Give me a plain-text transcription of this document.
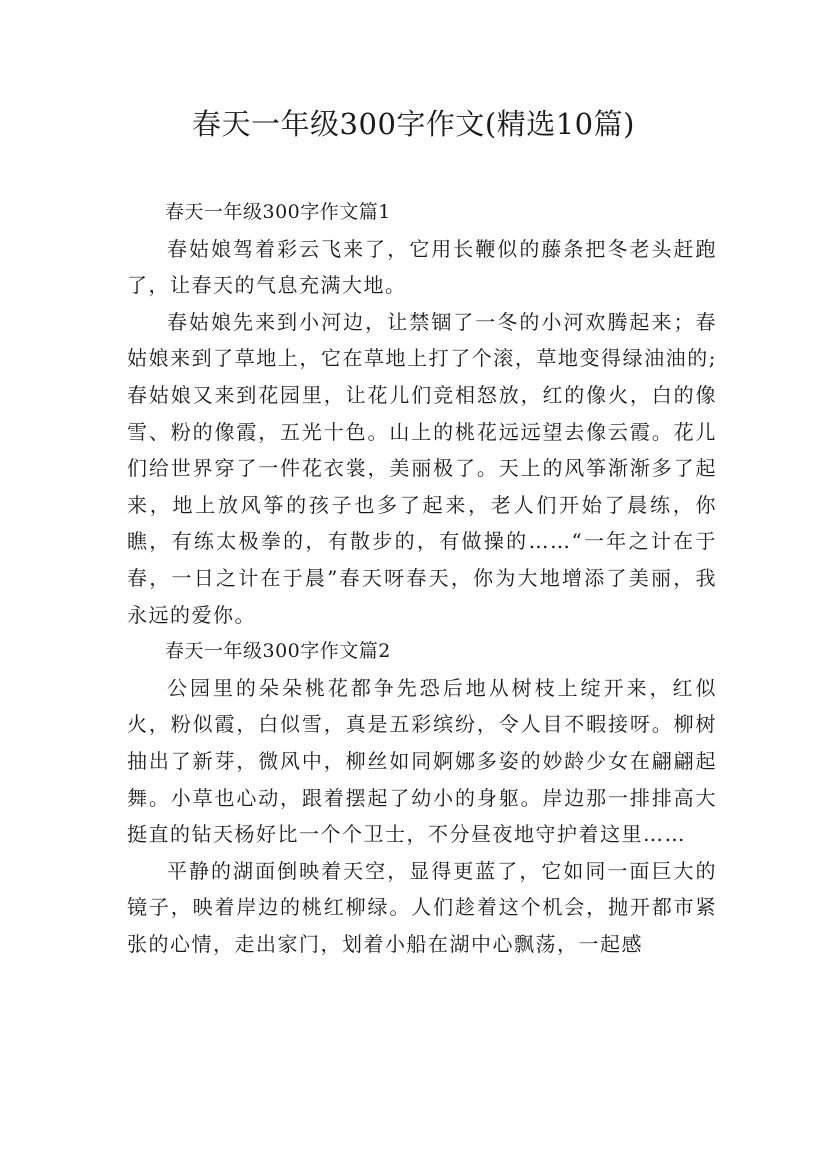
春天一年级300字作文(精选10篇)

春天一年级300字作文篇1

春姑娘驾着彩云飞来了，它用长鞭似的藤条把冬老头赶跑了，让春天的气息充满大地。

春姑娘先来到小河边，让禁锢了一冬的小河欢腾起来；春姑娘来到了草地上，它在草地上打了个滚，草地变得绿油油的;春姑娘又来到花园里，让花儿们竞相怒放，红的像火，白的像雪、粉的像霞，五光十色。山上的桃花远远望去像云霞。花儿们给世界穿了一件花衣裳，美丽极了。天上的风筝渐渐多了起来，地上放风筝的孩子也多了起来，老人们开始了晨练，你瞧，有练太极拳的，有散步的，有做操的……“一年之计在于春，一日之计在于晨”春天呀春天，你为大地增添了美丽，我永远的爱你。

春天一年级300字作文篇2

公园里的朵朵桃花都争先恐后地从树枝上绽开来，红似火，粉似霞，白似雪，真是五彩缤纷，令人目不暇接呀。柳树抽出了新芽，微风中，柳丝如同婀娜多姿的妙龄少女在翩翩起舞。小草也心动，跟着摆起了幼小的身躯。岸边那一排排高大挺直的钻天杨好比一个个卫士，不分昼夜地守护着这里……

平静的湖面倒映着天空，显得更蓝了，它如同一面巨大的镜子，映着岸边的桃红柳绿。人们趁着这个机会，抛开都市紧张的心情，走出家门，划着小船在湖中心飘荡，一起感
